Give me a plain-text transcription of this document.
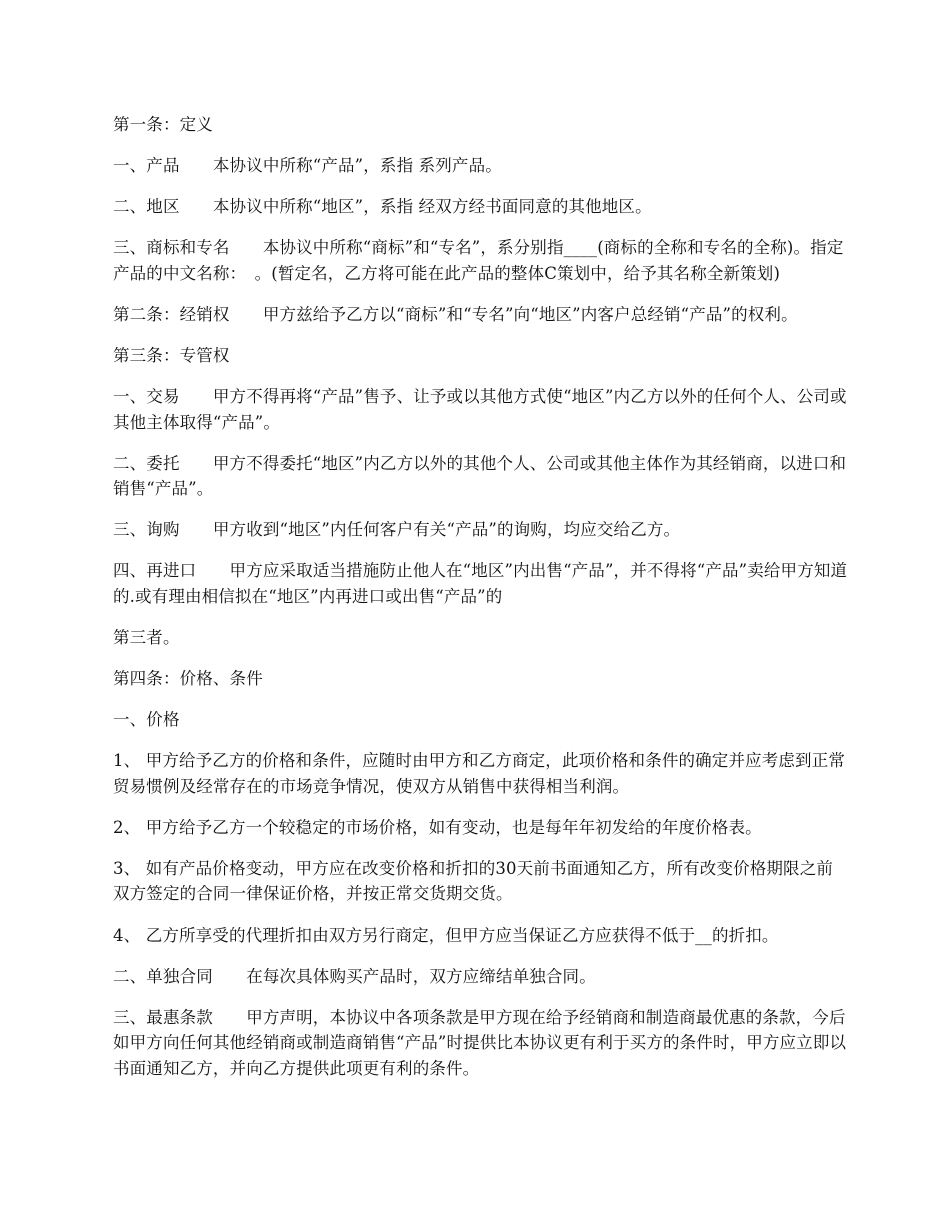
第一条：定义

一、产品　　本协议中所称“产品”，系指 系列产品。

二、地区　　本协议中所称“地区”，系指 经双方经书面同意的其他地区。

三、商标和专名　　本协议中所称“商标”和“专名”，系分别指____(商标的全称和专名的全称)。指定产品的中文名称：　。(暂定名，乙方将可能在此产品的整体C策划中，给予其名称全新策划)

第二条：经销权　　甲方兹给予乙方以“商标”和“专名”向“地区”内客户总经销“产品”的权利。

第三条：专管权

一、交易　　甲方不得再将“产品”售予、让予或以其他方式使“地区”内乙方以外的任何个人、公司或其他主体取得“产品”。

二、委托　　甲方不得委托“地区”内乙方以外的其他个人、公司或其他主体作为其经销商，以进口和销售“产品”。

三、询购　　甲方收到“地区”内任何客户有关“产品”的询购，均应交给乙方。

四、再进口　　甲方应采取适当措施防止他人在“地区”内出售“产品”，并不得将“产品”卖给甲方知道的.或有理由相信拟在“地区”内再进口或出售“产品”的

第三者。

第四条：价格、条件

一、价格

1、 甲方给予乙方的价格和条件，应随时由甲方和乙方商定，此项价格和条件的确定并应考虑到正常贸易惯例及经常存在的市场竞争情况，使双方从销售中获得相当利润。

2、 甲方给予乙方一个较稳定的市场价格，如有变动，也是每年年初发给的年度价格表。

3、 如有产品价格变动，甲方应在改变价格和折扣的30天前书面通知乙方，所有改变价格期限之前双方签定的合同一律保证价格，并按正常交货期交货。

4、 乙方所享受的代理折扣由双方另行商定，但甲方应当保证乙方应获得不低于__的折扣。

二、单独合同　　在每次具体购买产品时，双方应缔结单独合同。

三、最惠条款　　甲方声明，本协议中各项条款是甲方现在给予经销商和制造商最优惠的条款，今后如甲方向任何其他经销商或制造商销售“产品”时提供比本协议更有利于买方的条件时，甲方应立即以书面通知乙方，并向乙方提供此项更有利的条件。
